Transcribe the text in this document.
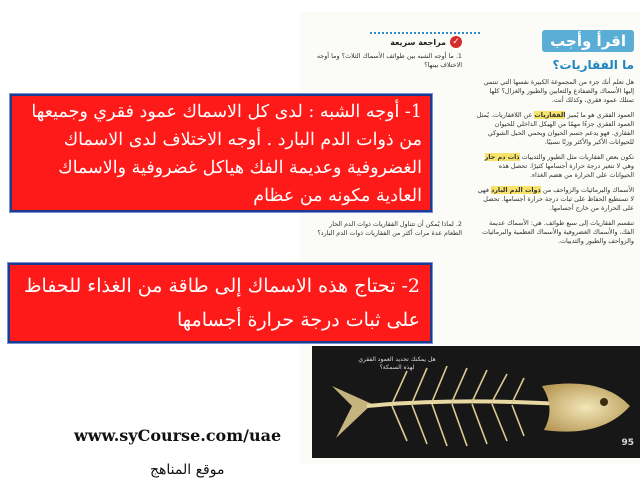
اقرأ وأجب
ما الفقاريات؟
هل تعلم أنك جزء من المجموعة الكبيرة نفسها التي تنتمي إليها الأسماك والضفادع والثعابين والطيور والغزال؟ كلها تمتلك عمود فقري، وكذلك أنت.
العمود الفقري هو ما يُميز الفقاريات عن اللافقاريات. يُمثل العمود الفقري جزءًا مهمًا من الهيكل الداخلي للحيوان الفقاري. فهو يدعم جسم الحيوان ويحمي الحبل الشوكي للحيوانات الأكبر والأكثر وزنًا نسبيًا.
تكون بعض الفقاريات مثل الطيور والثدييات ذات دم حار وهي لا تتغير درجة حرارة أجسامها كثيرًا. تحصل هذه الحيوانات على الحرارة من هضم الغذاء.
الأسماك والبرمائيات والزواحف من ذوات الدم البارد فهي لا تستطيع الحفاظ على ثبات درجة حرارة أجسامها. تحصل على الحرارة من خارج أجسامها.
تنقسم الفقاريات إلى سبع طوائف. هي: الأسماك عديمة الفك، والأسماك الغضروفية والأسماك العظمية والبرمائيات والزواحف والطيور والثدييات.
✓
مراجعة سريعة
1. ما أوجه الشبه بين طوائف الأسماك الثلاث؟ وما أوجه الاختلاف بينها؟
2. لماذا يُمكن أن تتناول الفقاريات ذوات الدم الحار الطعام عدة مرات أكثر من الفقاريات ذوات الدم البارد؟
1- أوجه الشبه : لدى كل الاسماك عمود فقري وجميعها من ذوات الدم البارد . أوجه الاختلاف لدى الاسماك الغضروفية وعديمة الفك هياكل غضروفية والاسماك العادية مكونه من عظام
2- تحتاج هذه الاسماك إلى طاقة من الغذاء للحفاظ على ثبات درجة حرارة أجسامها
هل يمكنك تحديد العمود الفقري لهذه السمكة؟
95
www.syCourse.com/uae
موقع المناهج
